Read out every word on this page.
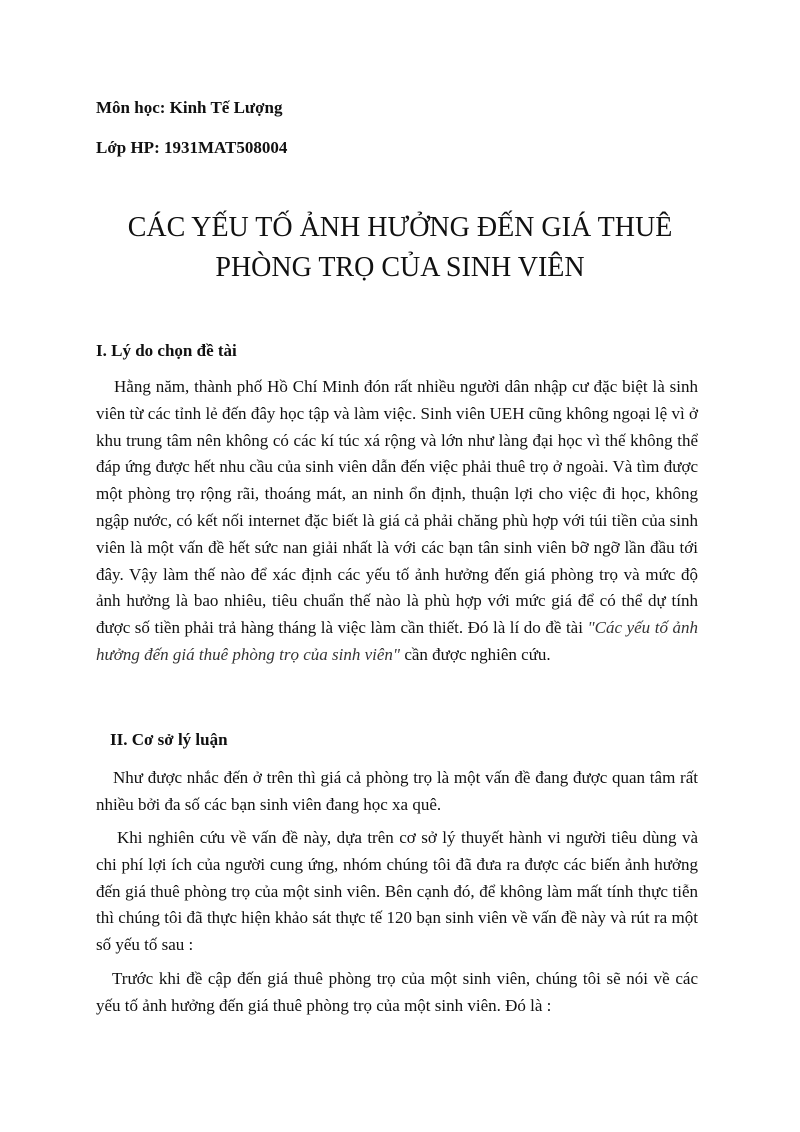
Môn học: Kinh Tế Lượng
Lớp HP: 1931MAT508004
CÁC YẾU TỐ ẢNH HƯỞNG ĐẾN GIÁ THUÊ
PHÒNG TRỌ CỦA SINH VIÊN
I. Lý do chọn đề tài

Hằng năm, thành phố Hồ Chí Minh đón rất nhiều người dân nhập cư đặc biệt là sinh viên từ các tỉnh lẻ đến đây học tập và làm việc. Sinh viên UEH cũng không ngoại lệ vì ở khu trung tâm nên không có các kí túc xá rộng và lớn như làng đại học vì thế không thể đáp ứng được hết nhu cầu của sinh viên dẫn đến việc phải thuê trọ ở ngoài. Và tìm được một phòng trọ rộng rãi, thoáng mát, an ninh ổn định, thuận lợi cho việc đi học, không ngập nước, có kết nối internet đặc biết là giá cả phải chăng phù hợp với túi tiền của sinh viên là một vấn đề hết sức nan giải nhất là với các bạn tân sinh viên bỡ ngỡ lần đầu tới đây. Vậy làm thế nào để xác định các yếu tố ảnh hưởng đến giá phòng trọ và mức độ ảnh hưởng là bao nhiêu, tiêu chuẩn thế nào là phù hợp với mức giá để có thể dự tính được số tiền phải trả hàng tháng là việc làm cần thiết. Đó là lí do đề tài "Các yếu tố ảnh hưởng đến giá thuê phòng trọ của sinh viên" cần được nghiên cứu.

II. Cơ sở lý luận

Như được nhắc đến ở trên thì giá cả phòng trọ là một vấn đề đang được quan tâm rất nhiều bởi đa số các bạn sinh viên đang học xa quê.

Khi nghiên cứu về vấn đề này, dựa trên cơ sở lý thuyết hành vi người tiêu dùng và chi phí lợi ích của người cung ứng, nhóm chúng tôi đã đưa ra được các biến ảnh hưởng đến giá thuê phòng trọ của một sinh viên. Bên cạnh đó, để không làm mất tính thực tiễn thì chúng tôi đã thực hiện khảo sát thực tế 120 bạn sinh viên về vấn đề này và rút ra một số yếu tố sau :

Trước khi đề cập đến giá thuê phòng trọ của một sinh viên, chúng tôi sẽ nói về các yếu tố ảnh hưởng đến giá thuê phòng trọ của một sinh viên. Đó là :
